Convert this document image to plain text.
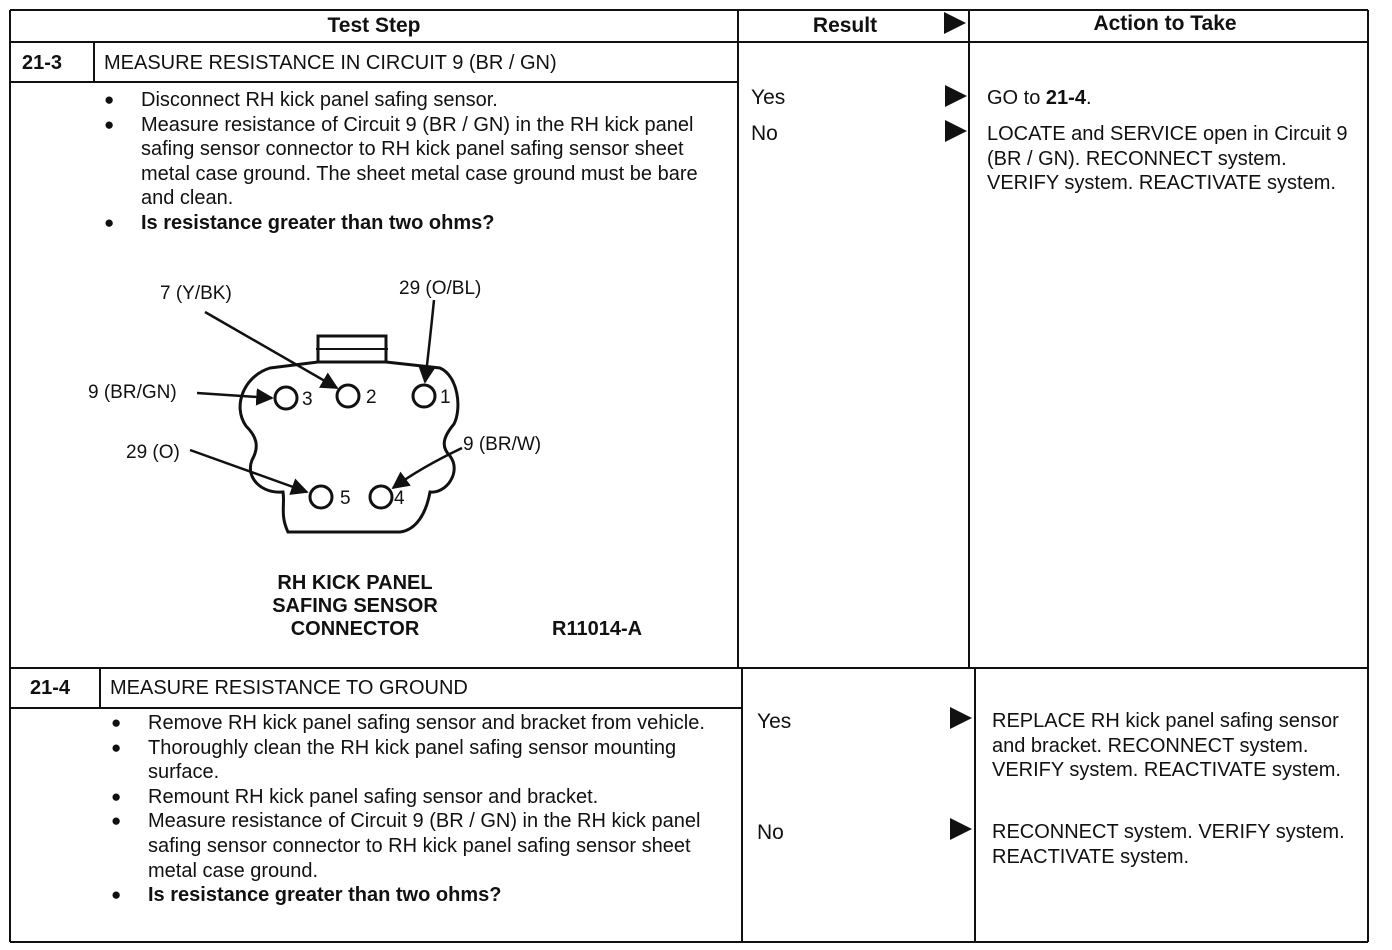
Test Step	Result	Action to Take
21-3 MEASURE RESISTANCE IN CIRCUIT 9 (BR / GN)
● Disconnect RH kick panel safing sensor.
● Measure resistance of Circuit 9 (BR / GN) in the RH kick panel safing sensor connector to RH kick panel safing sensor sheet metal case ground. The sheet metal case ground must be bare and clean.
● Is resistance greater than two ohms?
Yes	GO to 21-4.
No	LOCATE and SERVICE open in Circuit 9 (BR / GN). RECONNECT system. VERIFY system. REACTIVATE system.
1
2
3
4
5
7 (Y/BK)	29 (O/BL)
9 (BR/GN)
29 (O)	9 (BR/W)
RH KICK PANEL
SAFING SENSOR
CONNECTOR	R11014-A
21-4 MEASURE RESISTANCE TO GROUND
● Remove RH kick panel safing sensor and bracket from vehicle.
● Thoroughly clean the RH kick panel safing sensor mounting surface.
● Remount RH kick panel safing sensor and bracket.
● Measure resistance of Circuit 9 (BR / GN) in the RH kick panel safing sensor connector to RH kick panel safing sensor sheet metal case ground.
● Is resistance greater than two ohms?
Yes	REPLACE RH kick panel safing sensor and bracket. RECONNECT system. VERIFY system. REACTIVATE system.
No	RECONNECT system. VERIFY system. REACTIVATE system.
